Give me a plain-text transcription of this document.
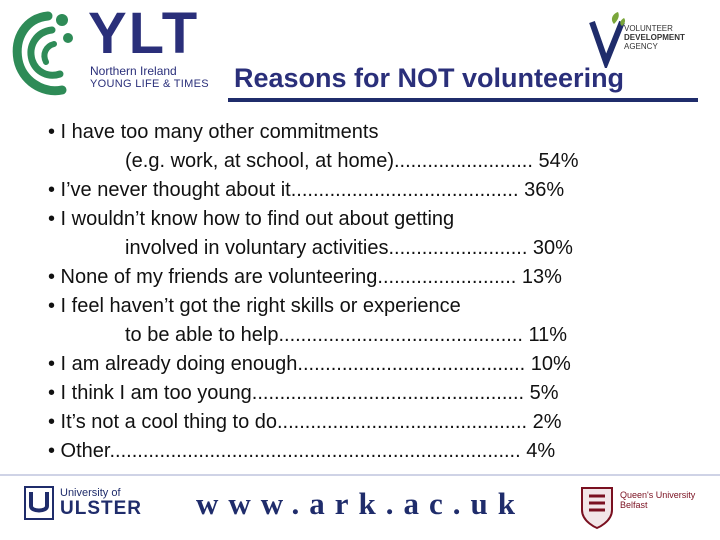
YLT
Northern Ireland
YOUNG LIFE & TIMES
VOLUNTEER
DEVELOPMENT
AGENCY
Reasons for NOT volunteering
• I have too many other commitments
(e.g. work, at school, at home)......................... 54%
• I’ve never thought about it......................................... 36%
• I wouldn’t know how to find out about getting
involved in voluntary activities......................... 30%
• None of my friends are volunteering......................... 13%
• I feel haven’t got the right skills or experience
to be able to help............................................ 11%
• I am already doing enough......................................... 10%
• I think I am too young................................................. 5%
• It’s not a cool thing to do............................................. 2%
• Other.......................................................................... 4%
University of
ULSTER www.ark.ac.uk	Queen's University
Belfast
